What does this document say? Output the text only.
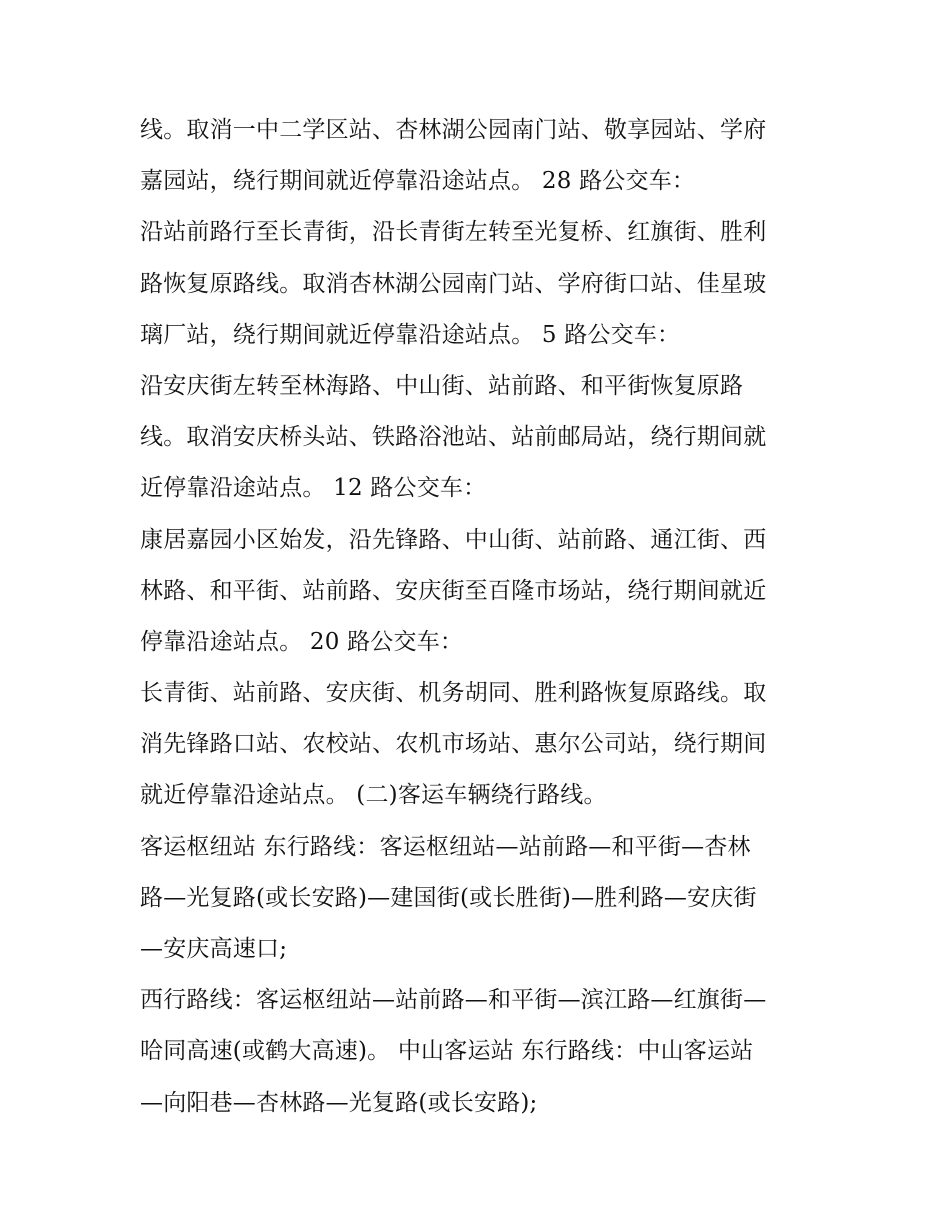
线。取消一中二学区站、杏林湖公园南门站、敬享园站、学府
嘉园站，绕行期间就近停靠沿途站点。 28 路公交车：
沿站前路行至长青街，沿长青街左转至光复桥、红旗街、胜利
路恢复原路线。取消杏林湖公园南门站、学府街口站、佳星玻
璃厂站，绕行期间就近停靠沿途站点。 5 路公交车：
沿安庆街左转至林海路、中山街、站前路、和平街恢复原路
线。取消安庆桥头站、铁路浴池站、站前邮局站，绕行期间就
近停靠沿途站点。 12 路公交车：
康居嘉园小区始发，沿先锋路、中山街、站前路、通江街、西
林路、和平街、站前路、安庆街至百隆市场站，绕行期间就近
停靠沿途站点。 20 路公交车：
长青街、站前路、安庆街、机务胡同、胜利路恢复原路线。取
消先锋路口站、农校站、农机市场站、惠尔公司站，绕行期间
就近停靠沿途站点。 (二)客运车辆绕行路线。
客运枢纽站 东行路线：客运枢纽站—站前路—和平街—杏林
路—光复路(或长安路)—建国街(或长胜街)—胜利路—安庆街
—安庆高速口;
西行路线：客运枢纽站—站前路—和平街—滨江路—红旗街—
哈同高速(或鹤大高速)。 中山客运站 东行路线：中山客运站
—向阳巷—杏林路—光复路(或长安路);
